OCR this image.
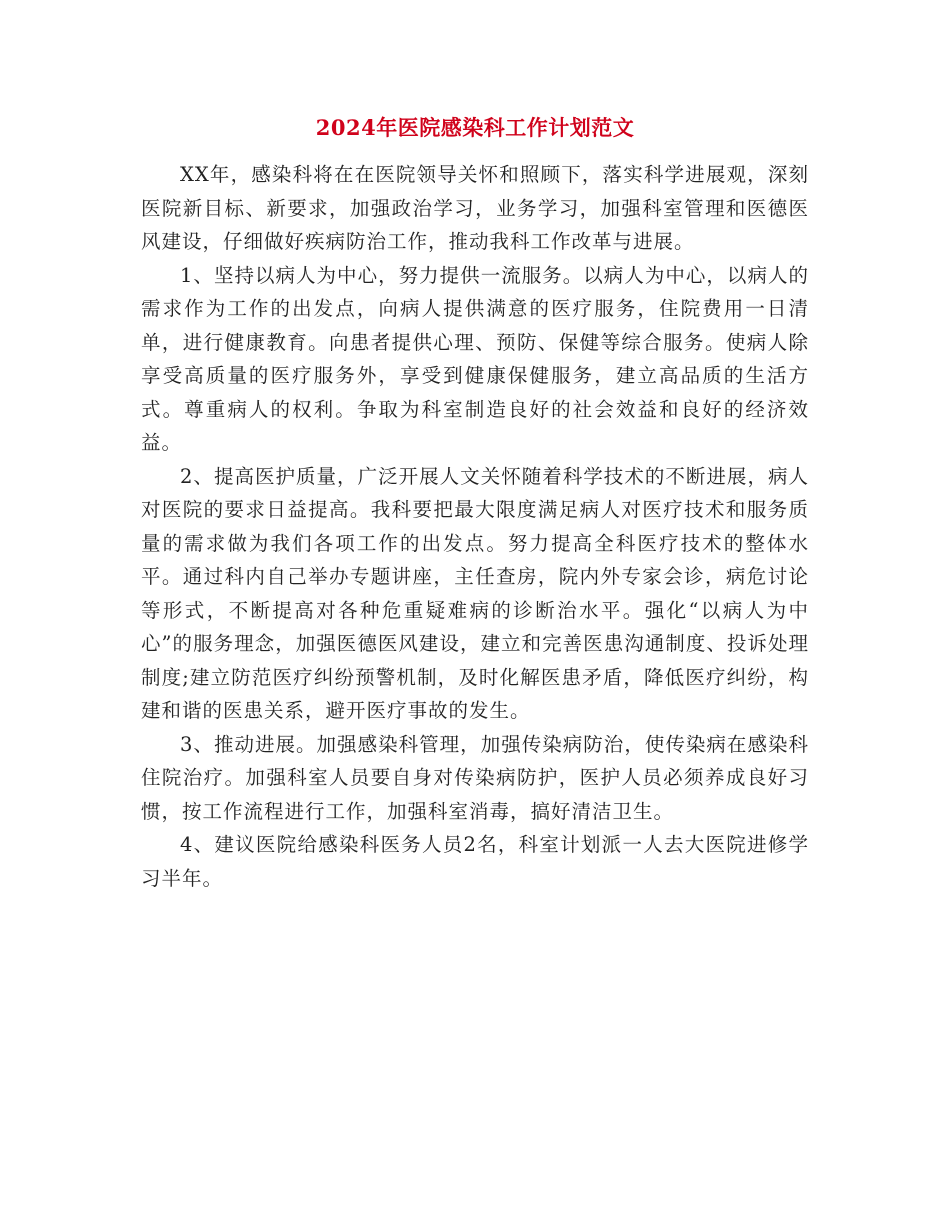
2024年医院感染科工作计划范文

XX年，感染科将在在医院领导关怀和照顾下，落实科学进展观，深刻医院新目标、新要求，加强政治学习，业务学习，加强科室管理和医德医风建设，仔细做好疾病防治工作，推动我科工作改革与进展。

1、坚持以病人为中心，努力提供一流服务。以病人为中心，以病人的需求作为工作的出发点，向病人提供满意的医疗服务，住院费用一日清单，进行健康教育。向患者提供心理、预防、保健等综合服务。使病人除享受高质量的医疗服务外，享受到健康保健服务，建立高品质的生活方式。尊重病人的权利。争取为科室制造良好的社会效益和良好的经济效益。

2、提高医护质量，广泛开展人文关怀随着科学技术的不断进展，病人对医院的要求日益提高。我科要把最大限度满足病人对医疗技术和服务质量的需求做为我们各项工作的出发点。努力提高全科医疗技术的整体水平。通过科内自己举办专题讲座，主任查房，院内外专家会诊，病危讨论等形式，不断提高对各种危重疑难病的诊断治水平。强化“以病人为中心”的服务理念，加强医德医风建设，建立和完善医患沟通制度、投诉处理制度;建立防范医疗纠纷预警机制，及时化解医患矛盾，降低医疗纠纷，构建和谐的医患关系，避开医疗事故的发生。

3、推动进展。加强感染科管理，加强传染病防治，使传染病在感染科住院治疗。加强科室人员要自身对传染病防护，医护人员必须养成良好习惯，按工作流程进行工作，加强科室消毒，搞好清洁卫生。

4、建议医院给感染科医务人员2名，科室计划派一人去大医院进修学习半年。
